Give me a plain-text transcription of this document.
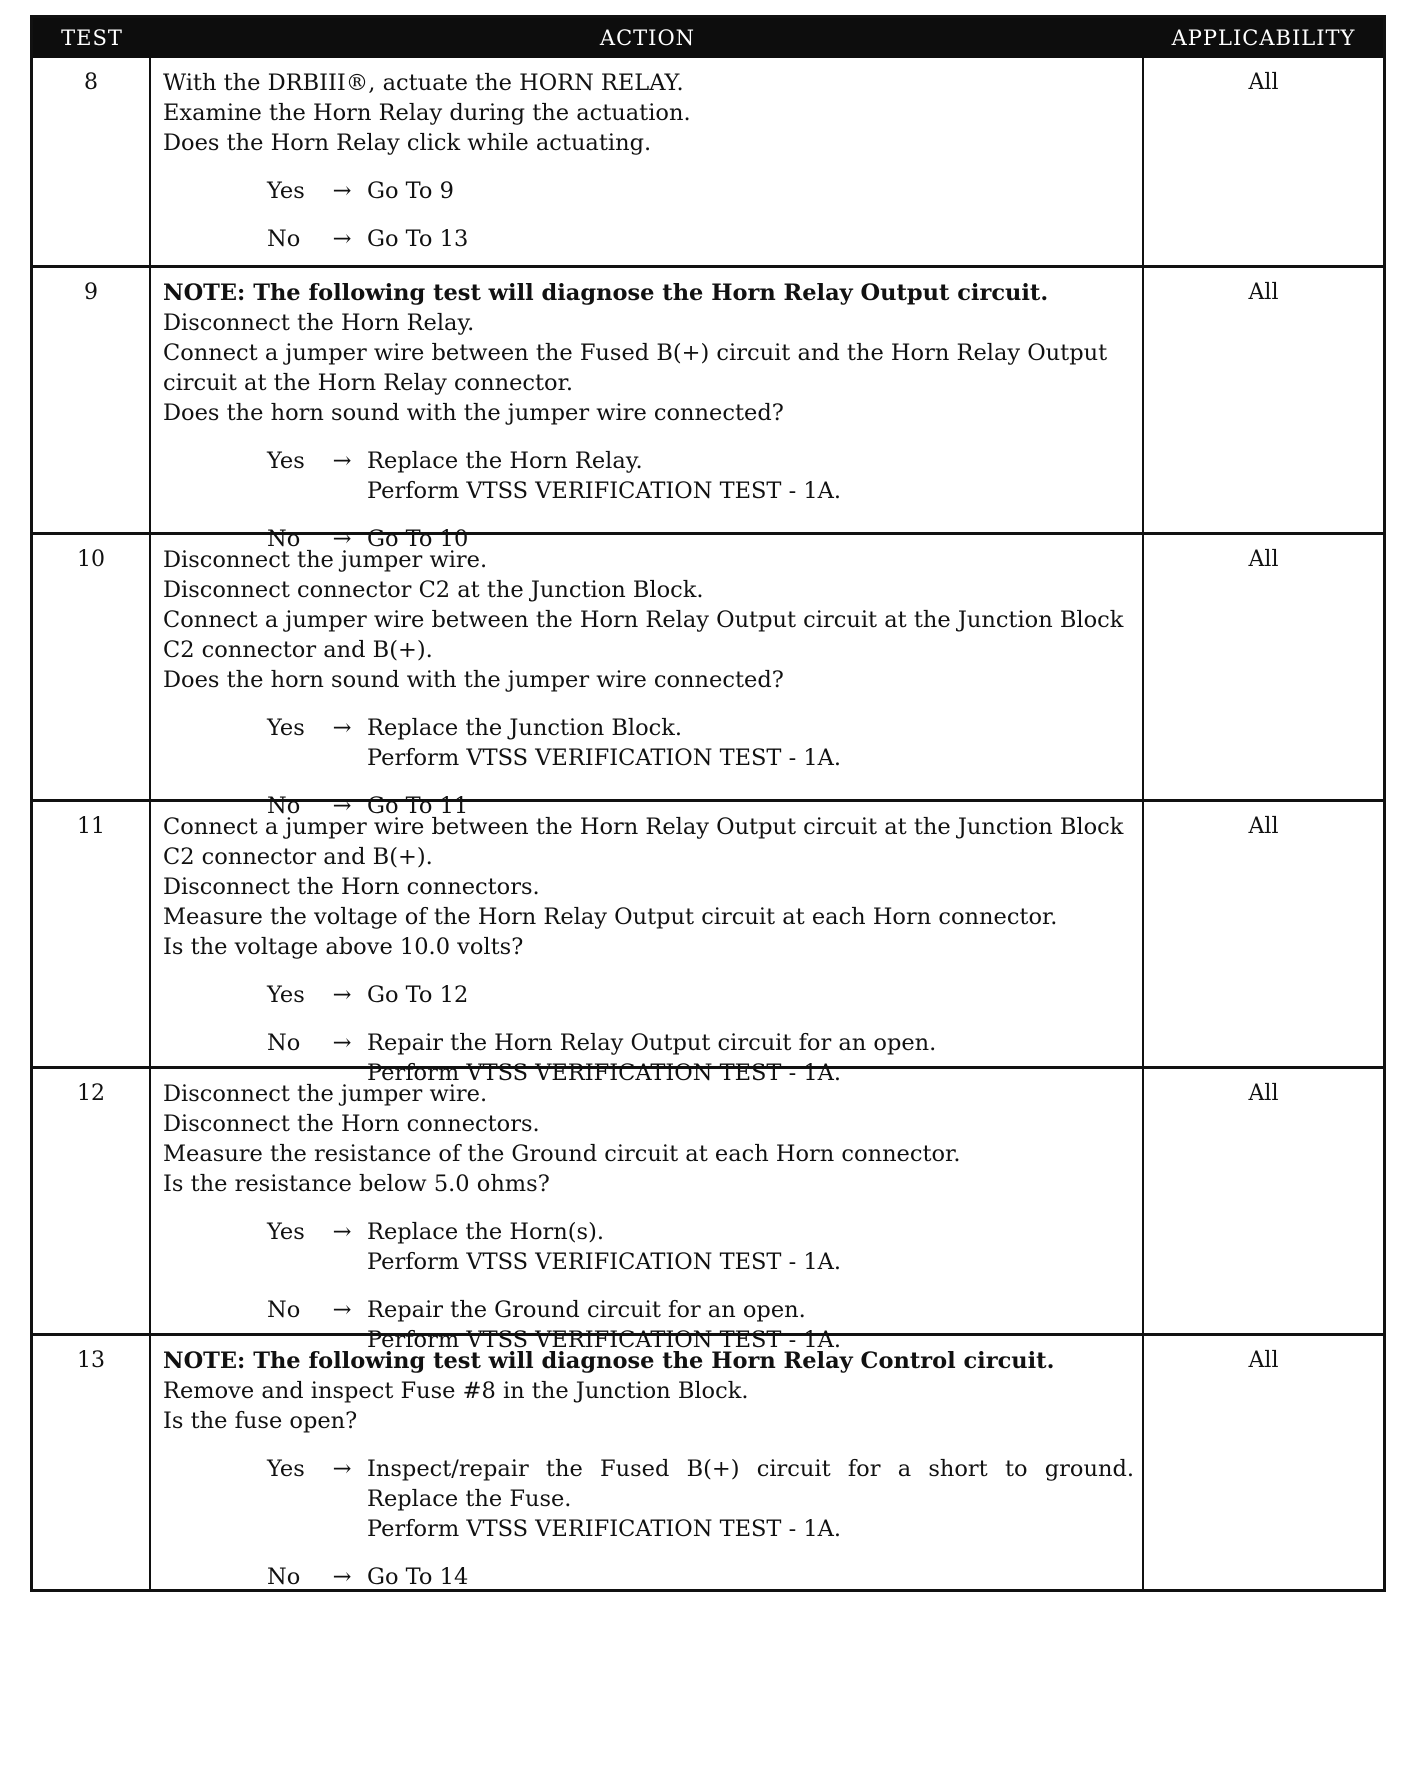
TEST	ACTION	APPLICABILITY
8	With the DRBIII®, actuate the HORN RELAY.
Examine the Horn Relay during the actuation.
Does the Horn Relay click while actuating.
Yes	→ Go To 9
No	→ Go To 13
All
9	NOTE: The following test will diagnose the Horn Relay Output circuit.
Disconnect the Horn Relay.
Connect a jumper wire between the Fused B(+) circuit and the Horn Relay Output
circuit at the Horn Relay connector.
Does the horn sound with the jumper wire connected?
Yes	→ Replace the Horn Relay.
Perform VTSS VERIFICATION TEST - 1A.
No	→ Go To 10
All
10	Disconnect the jumper wire.
Disconnect connector C2 at the Junction Block.
Connect a jumper wire between the Horn Relay Output circuit at the Junction Block
C2 connector and B(+).
Does the horn sound with the jumper wire connected?
Yes	→ Replace the Junction Block.
Perform VTSS VERIFICATION TEST - 1A.
No	→ Go To 11
All
11	Connect a jumper wire between the Horn Relay Output circuit at the Junction Block
C2 connector and B(+).
Disconnect the Horn connectors.
Measure the voltage of the Horn Relay Output circuit at each Horn connector.
Is the voltage above 10.0 volts?
Yes	→ Go To 12
No	→ Repair the Horn Relay Output circuit for an open.
Perform VTSS VERIFICATION TEST - 1A.
All
12	Disconnect the jumper wire.
Disconnect the Horn connectors.
Measure the resistance of the Ground circuit at each Horn connector.
Is the resistance below 5.0 ohms?
Yes	→ Replace the Horn(s).
Perform VTSS VERIFICATION TEST - 1A.
No	→ Repair the Ground circuit for an open.
Perform VTSS VERIFICATION TEST - 1A.
All
13	NOTE: The following test will diagnose the Horn Relay Control circuit.
Remove and inspect Fuse #8 in the Junction Block.
Is the fuse open?
Yes	→ Inspect/repair the Fused B(+) circuit for a short to ground.
Replace the Fuse.
Perform VTSS VERIFICATION TEST - 1A.
No	→ Go To 14
All
